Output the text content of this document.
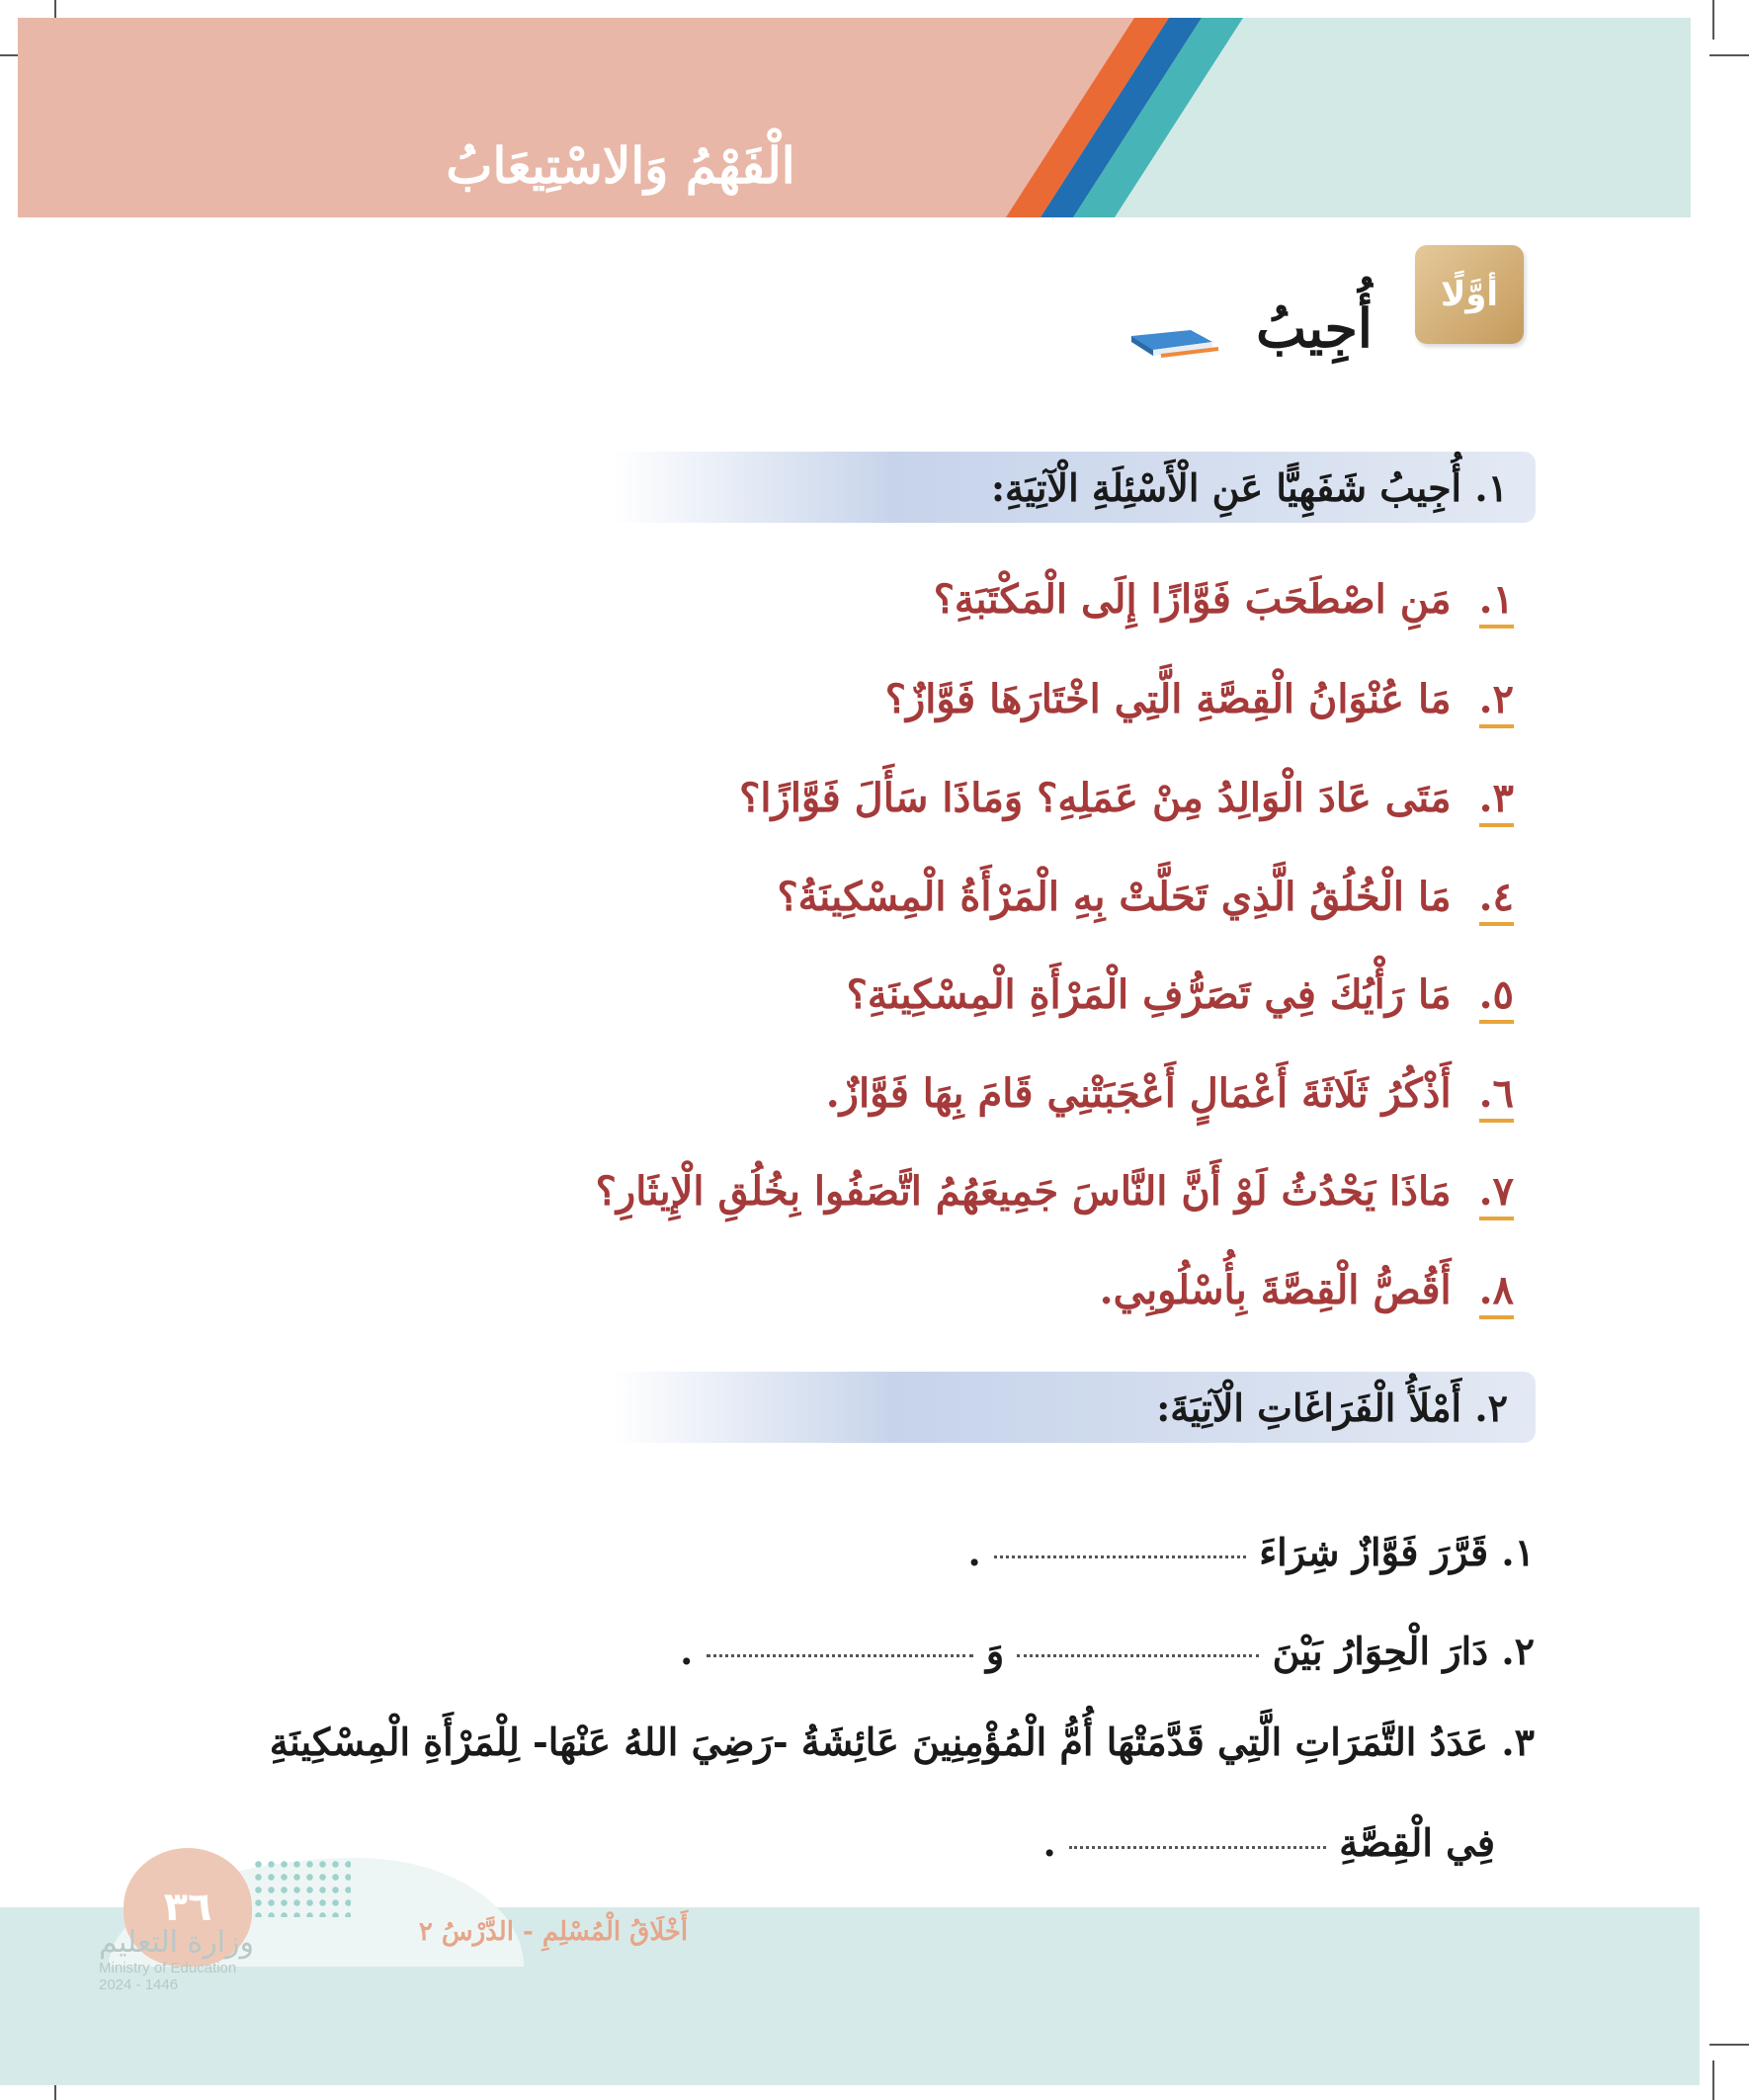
الْفَهْمُ وَالاسْتِيعَابُ
أوَّلًا
أُجِيبُ
١. أُجِيبُ شَفَهِيًّا عَنِ الْأَسْئِلَةِ الْآتِيَةِ:
١.مَنِ اصْطَحَبَ فَوَّازًا إِلَى الْمَكْتَبَةِ؟
٢.مَا عُنْوَانُ الْقِصَّةِ الَّتِي اخْتَارَهَا فَوَّازٌ؟
٣.مَتَى عَادَ الْوَالِدُ مِنْ عَمَلِهِ؟ وَمَاذَا سَأَلَ فَوَّازًا؟
٤.مَا الْخُلُقُ الَّذِي تَحَلَّتْ بِهِ الْمَرْأَةُ الْمِسْكِينَةُ؟
٥.مَا رَأْيُكَ فِي تَصَرُّفِ الْمَرْأَةِ الْمِسْكِينَةِ؟
٦.أَذْكُرُ ثَلَاثَةَ أَعْمَالٍ أَعْجَبَتْنِي قَامَ بِهَا فَوَّازٌ.
٧.مَاذَا يَحْدُثُ لَوْ أَنَّ النَّاسَ جَمِيعَهُمُ اتَّصَفُوا بِخُلُقِ الْإِيثَارِ؟
٨.أَقُصُّ الْقِصَّةَ بِأُسْلُوبِي.
٢. أَمْلَأُ الْفَرَاغَاتِ الْآتِيَةَ:
١. قَرَّرَ فَوَّازٌ شِرَاءَ  .
٢. دَارَ الْحِوَارُ بَيْنَ  وَ  .
٣. عَدَدُ التَّمَرَاتِ الَّتِي قَدَّمَتْهَا أُمُّ الْمُؤْمِنِينَ عَائِشَةُ -رَضِيَ اللهُ عَنْهَا- لِلْمَرْأَةِ الْمِسْكِينَةِ
فِي الْقِصَّةِ  .
٣٦
أَخْلَاقُ الْمُسْلِمِ - الدَّرْسُ ٢
وزارة التعليم
Ministry of Education
2024 - 1446
